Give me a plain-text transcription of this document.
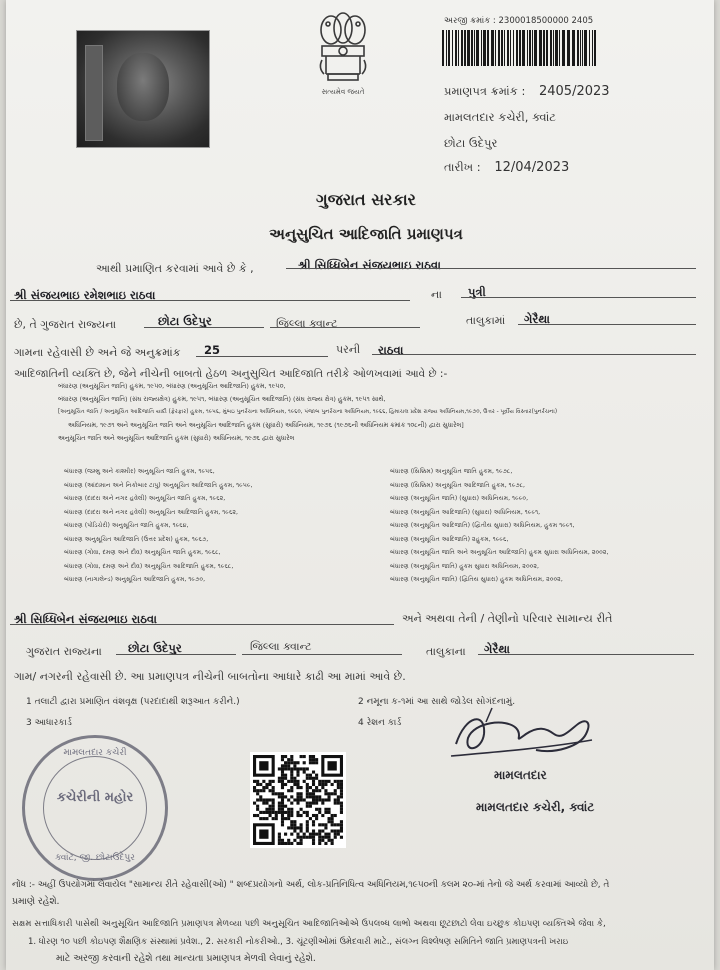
સત્યમેવ જયતે
અરજી ક્રમાંક : 2300018500000 2405
પ્રમાણપત્ર ક્રમાંક : 2405/2023
મામલતદાર કચેરી, ક્વાંટ
છોટા ઉદેપુર
તારીખ : 12/04/2023
ગુજરાત સરકાર
અનુસુચિત આદિજાતિ પ્રમાણપત્ર
આથી પ્રમાણિત કરવામાં આવે છે કે ,	શ્રી સિધ્ધિબેન સંજયભાઇ રાઠવા
શ્રી સંજયભાઇ રમેશભાઇ રાઠવા	ના પુત્રી
છે, તે ગુજરાત રાજ્યના	છોટા ઉદેપુર	જિલ્લા ક્વાન્ટ	તાલુકામાં ગેરૈથા
ગામના રહેવાસી છે અને જે અનુક્રમાંક 25	પરની રાઠવા
આદિજાતિની વ્યક્તિ છે, જેને નીચેની બાબતો હેઠળ અનુસુચિત આદિજાતિ તરીકે ઓળખવામાં આવે છે :-
બંધારણ (અનુસૂચિત જાતિ) હુકમ, ૧૯૫૦, બંધારણ (અનુસૂચિત આદિજાતિ) હુકમ, ૧૯૫૦,
બંધારણ (અનુસૂચિત જાતિ) (સંઘ રાજ્યક્ષેત્ર) હુકમ, ૧૯૫૧, બંધારણ (અનુસૂચિત આદિજાતિ) (સંઘ રાજ્ય ક્ષેત્ર) હુકમ, ૧૯૫૧ સાથે,
[અનુસૂચિત જાતિ / અનુસૂચિત આદિજાતિ યાદી (ફેરફાર) હુકમ, ૧૯૫૬, મુંબઇ પુનર્રચના અધિનિયમ, ૧૯૬૦, પંજાબ પુનર્રચના અધિનિયમ, ૧૯૬૬, હિમાચલ પ્રદેશ રાજ્ય અધિનિયમ,૧૯૭૦, ઉત્તર - પૂર્વીય વિસ્તાર(પુનર્રચના)
અધિનિયમ, ૧૯૭૧ અને અનુસૂચિત જાતિ અને અનુસૂચિત આદિજાતિ હુકમ (સુધારો) અધિનિયમ, ૧૯૭૬ (૧૯૭૬ની અધિનિયમ ક્રમાંક ૧૦૮ની) દ્વારા સુધારેલ]
અનુસૂચિત જાતિ અને અનુસૂચિત આદિજાતિ હુકમ (સુધારો) અધિનિયમ, ૧૯૭૬ દ્વારા સુધારેલ
બંધારણ (જમ્મુ અને કાશ્મીર) અનુસૂચિત જાતિ હુકમ, ૧૯૫૬,
બંધારણ (આંદામાન અને નિકોબાર ટાપુ) અનુસૂચિત આદિજાતિ હુકમ, ૧૯૫૯,
બંધારણ (દાદરા અને નગર હવેલી) અનુસૂચિત જાતિ હુકમ, ૧૯૬૨,
બંધારણ (દાદરા અને નગર હવેલી) અનુસૂચિત આદિજાતિ હુકમ, ૧૯૬૨,
બંધારણ (પોંડિચેરી) અનુસૂચિત જાતિ હુકમ, ૧૯૬૪,
બંધારણ અનુસૂચિત આદિજાતિ (ઉત્તર પ્રદેશ) હુકમ, ૧૯૬૭,
બંધારણ (ગોવા, દમણ અને દીવ) અનુસૂચિત જાતિ હુકમ, ૧૯૬૮,
બંધારણ (ગોવા, દમણ અને દીવ) અનુસૂચિત આદિજાતિ હુકમ, ૧૯૬૮,
બંધારણ (નાગાલેન્ડ) અનુસૂચિત આદિજાતિ હુકમ, ૧૯૭૦,
બંધારણ (સિક્કિમ) અનુસૂચિત જાતિ હુકમ, ૧૯૭૮,
બંધારણ (સિક્કિમ) અનુસૂચિત આદિજાતિ હુકમ, ૧૯૭૮,
બંધારણ (અનુસૂચિત જાતિ) (સુધારા) અધિનિયમ, ૧૯૯૦,
બંધારણ (અનુસૂચિત આદિજાતિ) (સુધારા) અધિનિયમ, ૧૯૯૧,
બંધારણ (અનુસૂચિત આદિજાતિ) (દ્વિતીય સુધારા) અધિનિયમ, હુકમ ૧૯૯૧,
બંધારણ (અનુસૂચિત આદિજાતિ) ૨હુકમ, ૧૯૯૬,
બંધારણ (અનુસૂચિત જાતિ અને અનુસૂચિત આદિજાતિ) હુકમ સુધારા અધિનિયમ, ૨૦૦૨,
બંધારણ (અનુસૂચિત જાતિ) હુકમ સુધારા અધિનિયમ, ૨૦૦૨,
બંધારણ (અનુસૂચિત જાતિ) (દ્વિતિય સુધારા) હુકમ અધિનિયમ, ૨૦૦૨,
શ્રી સિધ્ધિબેન સંજયભાઇ રાઠવા	અને અથવા તેની / તેણીનો પરિવાર સામાન્ય રીતે
ગુજરાત રાજ્યના છોટા ઉદેપુર	જિલ્લા ક્વાન્ટ	તાલુકાના ગેરૈથા
ગામ/ નગરની રહેવાસી છે. આ પ્રમાણપત્ર નીચેની બાબતોના આધારે કાઢી આ મામાં આવે છે.
1 તલાટી દ્વારા પ્રમાણિત વંશવૃક્ષ (પરદાદાથી શરૂઆત કરીને.)	2 નમૂના ક-૧માં આ સાથે જોડેલ સોગંદનામું.
3 આધારકાર્ડ	4 રેશન કાર્ડ
મામલતદાર કચેરી
કચેરીની મહોર
ક્વાંટ, જી. છોટાઉદેપુર
મામલતદાર
મામલતદાર કચેરી, ક્વાંટ
નોંધ :- અહીં ઉપયોગમાં લેવાયેલ "સામાન્ય રીતે રહેવાસી(ઓ) " શબ્દપ્રયોગનો અર્થ, લોક-પ્રતિનિધિત્વ અધિનિયમ,૧૯૫૦ની કલમ ૨૦-માં તેનો જે અર્થ કરવામાં આવ્યો છે, તે
પ્રમાણે રહેશે.
સક્ષમ સત્તાધિકારી પાસેથી અનુસૂચિત આદિજાતિ પ્રમાણપત્ર મેળવ્યા પછી અનુસૂચિત આદિજાતિઓએ ઉપલબ્ધ લાભો અથવા છૂટછાટો લેવા ઇચ્છુક કોઇપણ વ્યક્તિએ જેવા કે,
1. ધોરણ ૧૦ પછી કોઇપણ શૈક્ષણિક સંસ્થામાં પ્રવેશ., 2. સરકારી નોકરીઓ., 3. ચૂંટણીઓમાં ઉમેદવારી માટે., સંલગ્ન વિશ્લેષણ સમિતિને જાતિ પ્રમાણપત્રની ખરાઇ
માટે અરજી કરવાની રહેશે તથા માન્યતા પ્રમાણપત્ર મેળવી લેવાનું રહેશે.
